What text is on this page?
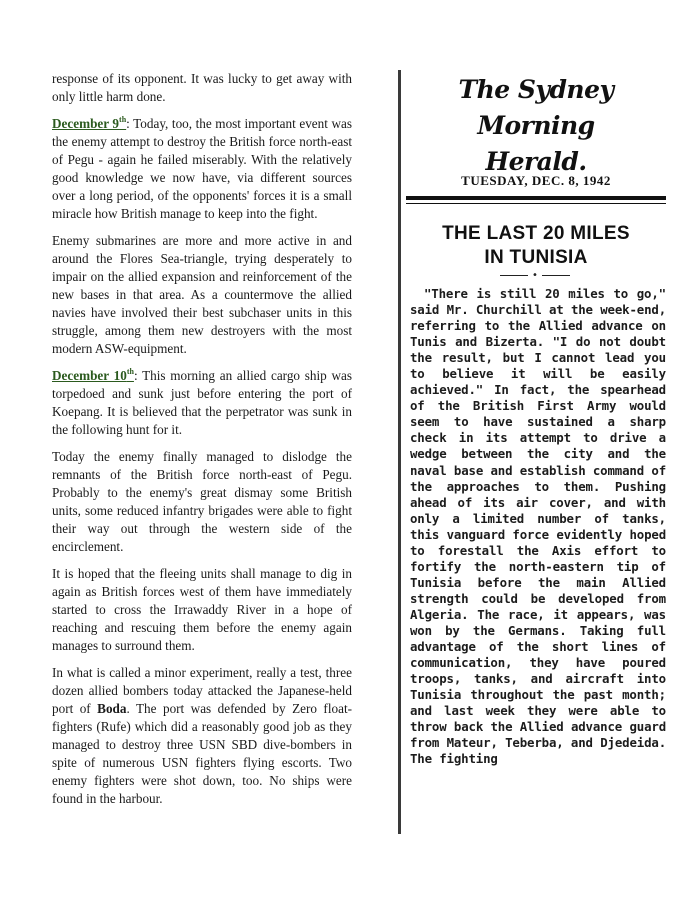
response of its opponent. It was lucky to get away with only little harm done.

December 9th: Today, too, the most important event was the enemy attempt to destroy the British force north-east of Pegu - again he failed miserably. With the relatively good knowledge we now have, via different sources over a long period, of the opponents' forces it is a small miracle how British manage to keep into the fight.

Enemy submarines are more and more active in and around the Flores Sea-triangle, trying desperately to impair on the allied expansion and reinforcement of the new bases in that area. As a countermove the allied navies have involved their best subchaser units in this struggle, among them new destroyers with the most modern ASW-equipment.

December 10th: This morning an allied cargo ship was torpedoed and sunk just before entering the port of Koepang. It is believed that the perpetrator was sunk in the following hunt for it.

Today the enemy finally managed to dislodge the remnants of the British force north-east of Pegu. Probably to the enemy's great dismay some British units, some reduced infantry brigades were able to fight their way out through the western side of the encirclement.

It is hoped that the fleeing units shall manage to dig in again as British forces west of them have immediately started to cross the Irrawaddy River in a hope of reaching and rescuing them before the enemy again manages to surround them.

In what is called a minor experiment, really a test, three dozen allied bombers today attacked the Japanese-held port of Boda. The port was defended by Zero float-fighters (Rufe) which did a reasonably good job as they managed to destroy three USN SBD dive-bombers in spite of numerous USN fighters flying escorts. Two enemy fighters were shot down, too. No ships were found in the harbour.

The Sydney Morning
Herald.
TUESDAY, DEC. 8, 1942
THE LAST 20 MILES
IN TUNISIA
•
"There is still 20 miles to go," said Mr. Churchill at the week-end, referring to the Allied advance on Tunis and Bizerta. "I do not doubt the result, but I cannot lead you to believe it will be easily achieved." In fact, the spearhead of the British First Army would seem to have sustained a sharp check in its attempt to drive a wedge between the city and the naval base and establish command of the approaches to them. Pushing ahead of its air cover, and with only a limited number of tanks, this vanguard force evidently hoped to forestall the Axis effort to fortify the north-eastern tip of Tunisia before the main Allied strength could be developed from Algeria. The race, it appears, was won by the Germans. Taking full advantage of the short lines of communication, they have poured troops, tanks, and aircraft into Tunisia throughout the past month; and last week they were able to throw back the Allied advance guard from Mateur, Teberba, and Djedeida. The fighting
